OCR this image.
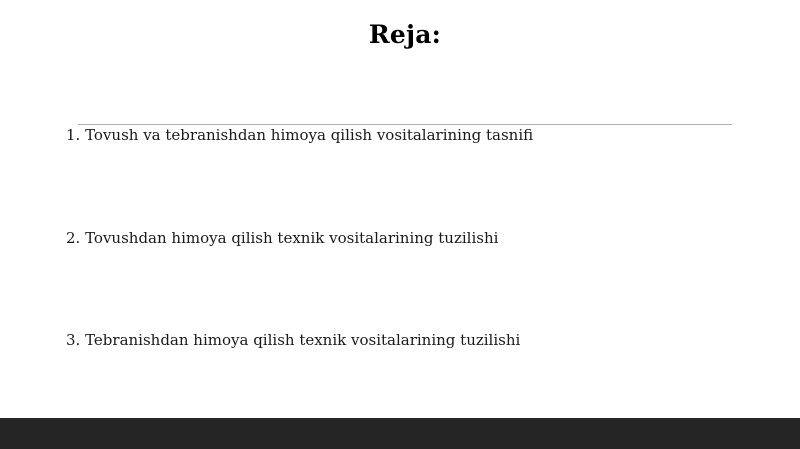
Reja:
1. Tovush va tebranishdan himoya qilish vositalarining tasnifi
2. Tovushdan himoya qilish texnik vositalarining tuzilishi
3. Tebranishdan himoya qilish texnik vositalarining tuzilishi
